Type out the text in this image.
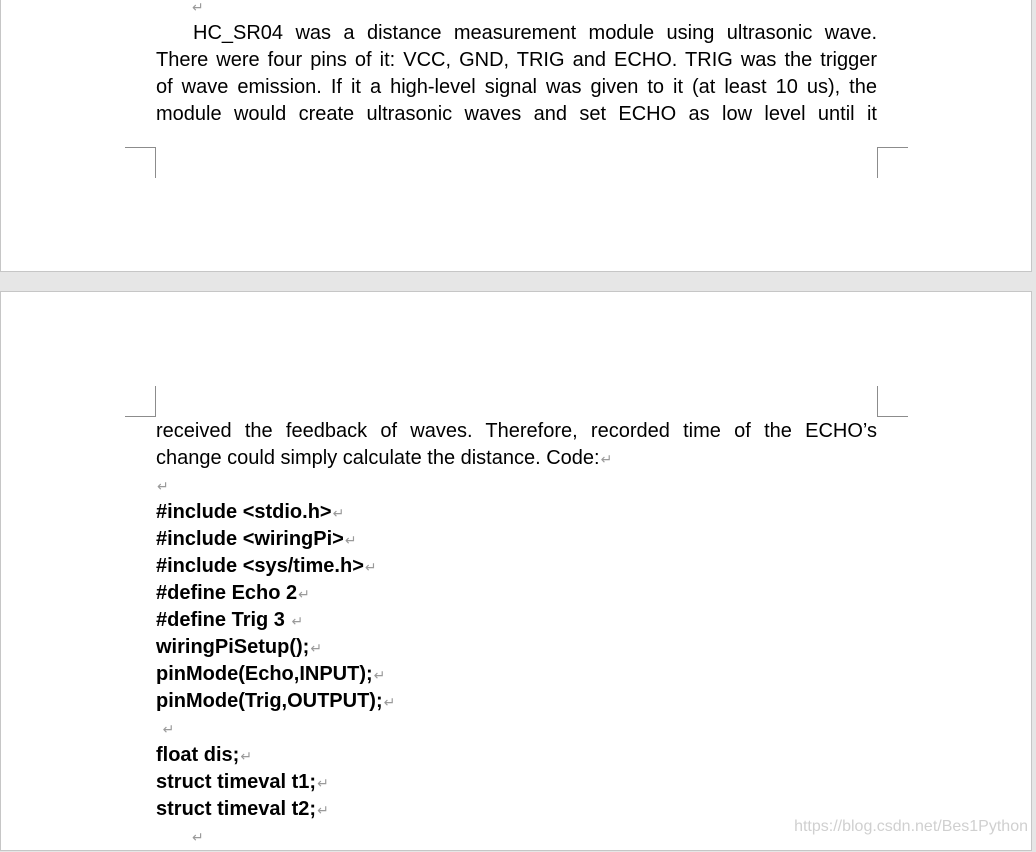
↵
HC_SR04 was a distance measurement module using ultrasonic wave.
There were four pins of it: VCC, GND, TRIG and ECHO. TRIG was the trigger
of wave emission. If it a high-level signal was given to it (at least 10 us), the
module would create ultrasonic waves and set ECHO as low level until it
received the feedback of waves. Therefore, recorded time of the ECHO’s
change could simply calculate the distance. Code:↵
↵
#include <stdio.h>↵
#include <wiringPi>↵
#include <sys/time.h>↵
#define Echo 2↵
#define Trig 3 ↵
wiringPiSetup();↵
pinMode(Echo,INPUT);↵
pinMode(Trig,OUTPUT);↵
↵
float dis;↵
struct timeval t1;↵
struct timeval t2;↵
↵
https://blog.csdn.net/Bes1Python
